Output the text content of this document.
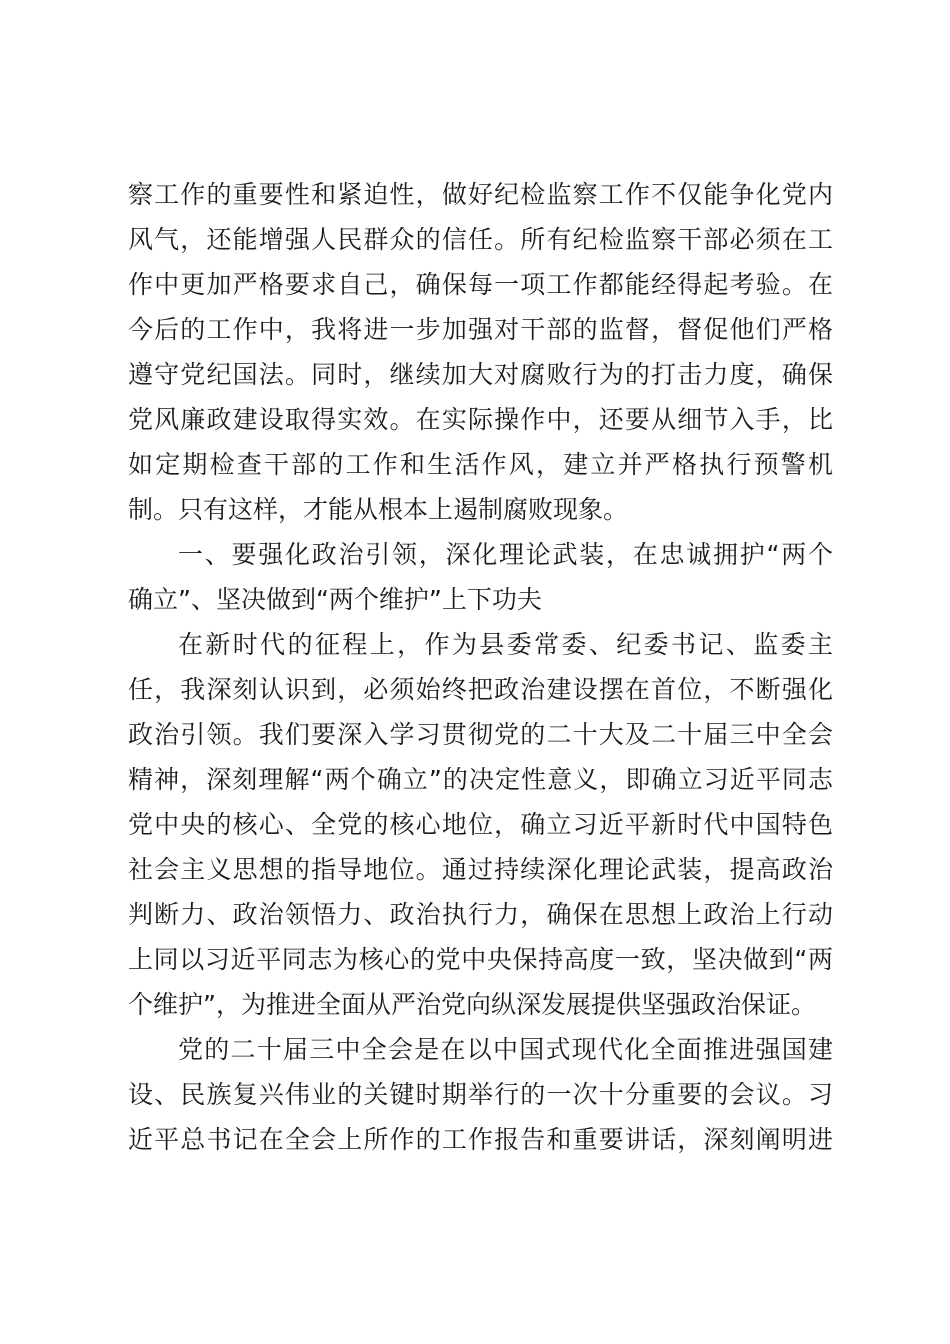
察工作的重要性和紧迫性，做好纪检监察工作不仅能争化党内
风气，还能增强人民群众的信任。所有纪检监察干部必须在工
作中更加严格要求自己，确保每一项工作都能经得起考验。在
今后的工作中，我将进一步加强对干部的监督，督促他们严格
遵守党纪国法。同时，继续加大对腐败行为的打击力度，确保
党风廉政建设取得实效。在实际操作中，还要从细节入手，比
如定期检查干部的工作和生活作风，建立并严格执行预警机
制。只有这样，才能从根本上遏制腐败现象。
一、要强化政治引领，深化理论武装，在忠诚拥护“两个
确立”、坚决做到“两个维护”上下功夫
在新时代的征程上，作为县委常委、纪委书记、监委主
任，我深刻认识到，必须始终把政治建设摆在首位，不断强化
政治引领。我们要深入学习贯彻党的二十大及二十届三中全会
精神，深刻理解“两个确立”的决定性意义，即确立习近平同志
党中央的核心、全党的核心地位，确立习近平新时代中国特色
社会主义思想的指导地位。通过持续深化理论武装，提高政治
判断力、政治领悟力、政治执行力，确保在思想上政治上行动
上同以习近平同志为核心的党中央保持高度一致，坚决做到“两
个维护”，为推进全面从严治党向纵深发展提供坚强政治保证。
党的二十届三中全会是在以中国式现代化全面推进强国建
设、民族复兴伟业的关键时期举行的一次十分重要的会议。习
近平总书记在全会上所作的工作报告和重要讲话，深刻阐明进
